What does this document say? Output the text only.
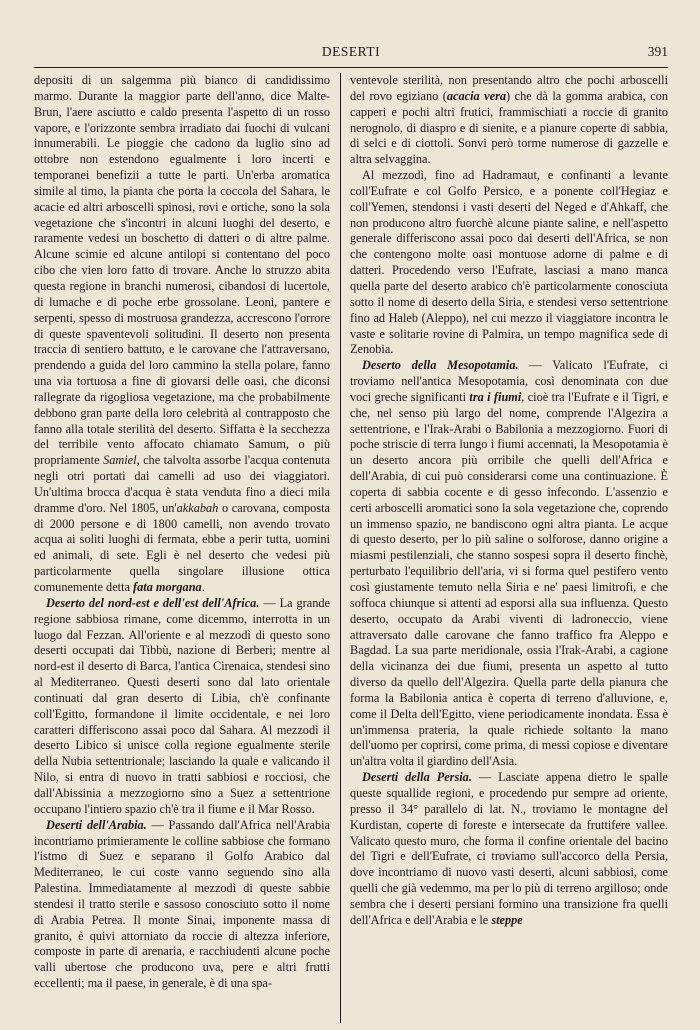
DESERTI	391

depositi di un salgemma più bianco di candidissimo marmo. Durante la maggior parte dell'anno, dice Malte-Brun, l'aere asciutto e caldo presenta l'aspetto di un rosso vapore, e l'orizzonte sembra irradiato dai fuochi di vulcani innumerabili. Le pioggie che cadono da luglio sino ad ottobre non estendono egualmente i loro incerti e temporanei benefizii a tutte le parti. Un'erba aromatica simile al timo, la pianta che porta la coccola del Sahara, le acacie ed altri arboscelli spinosi, rovi e ortiche, sono la sola vegetazione che s'incontri in alcuni luoghi del deserto, e raramente vedesi un boschetto di datteri o di altre palme. Alcune scimie ed alcune antilopi si contentano del poco cibo che vien loro fatto di trovare. Anche lo struzzo abita questa regione in branchi numerosi, cibandosi di lucertole, di lumache e di poche erbe grossolane. Leoni, pantere e serpenti, spesso di mostruosa grandezza, accrescono l'orrore di queste spaventevoli solitudini. Il deserto non presenta traccia di sentiero battuto, e le carovane che l'attraversano, prendendo a guida del loro cammino la stella polare, fanno una via tortuosa a fine di giovarsi delle oasi, che diconsi rallegrate da rigogliosa vegetazione, ma che probabilmente debbono gran parte della loro celebrità al contrapposto che fanno alla totale sterilità del deserto. Siffatta è la secchezza del terribile vento affocato chiamato Samum, o più propriamente Samiel, che talvolta assorbe l'acqua contenuta negli otri portati dai camelli ad uso dei viaggiatori. Un'ultima brocca d'acqua è stata venduta fino a dieci mila dramme d'oro. Nel 1805, un'akkabah o carovana, composta di 2000 persone e di 1800 camelli, non avendo trovato acqua ai soliti luoghi di fermata, ebbe a perir tutta, uomini ed animali, di sete. Egli è nel deserto che vedesi più particolarmente quella singolare illusione ottica comunemente detta fata morgana.

Deserto del nord-est e dell'est dell'Africa. — La grande regione sabbiosa rimane, come dicemmo, interrotta in un luogo dal Fezzan. All'oriente e al mezzodì di questo sono deserti occupati dai Tibbù, nazione di Berberi; mentre al nord-est il deserto di Barca, l'antica Cirenaica, stendesi sino al Mediterraneo. Questi deserti sono dal lato orientale continuati dal gran deserto di Libia, ch'è confinante coll'Egitto, formandone il limite occidentale, e nei loro caratteri differiscono assai poco dal Sahara. Al mezzodì il deserto Libico si unisce colla regione egualmente sterile della Nubia settentrionale; lasciando la quale e valicando il Nilo, si entra di nuovo in tratti sabbiosi e rocciosi, che dall'Abissinia a mezzogiorno sino a Suez a settentrione occupano l'intiero spazio ch'è tra il fiume e il Mar Rosso.

Deserti dell'Arabia. — Passando dall'Africa nell'Arabia incontriamo primieramente le colline sabbiose che formano l'istmo di Suez e separano il Golfo Arabico dal Mediterraneo, le cui coste vanno seguendo sino alla Palestina. Immediatamente al mezzodì di queste sabbie stendesi il tratto sterile e sassoso conosciuto sotto il nome di Arabia Petrea. Il monte Sinai, imponente massa di granito, è quivi attorniato da roccie di altezza inferiore, composte in parte di arenaria, e racchiudenti alcune poche valli ubertose che producono uva, pere e altri frutti eccellenti; ma il paese, in generale, è di una spa-

ventevole sterilità, non presentando altro che pochi arboscelli del rovo egiziano (acacia vera) che dà la gomma arabica, con capperi e pochi altri frutici, frammischiati a roccie di granito nerognolo, di diaspro e di sienite, e a pianure coperte di sabbia, di selci e di ciottoli. Sonvi però torme numerose di gazzelle e altra selvaggina.

Al mezzodì, fino ad Hadramaut, e confinanti a levante coll'Eufrate e col Golfo Persico, e a ponente coll'Hegiaz e coll'Yemen, stendonsi i vasti deserti del Neged e d'Ahkaff, che non producono altro fuorchè alcune piante saline, e nell'aspetto generale differiscono assai poco dai deserti dell'Africa, se non che contengono molte oasi montuose adorne di palme e di datteri. Procedendo verso l'Eufrate, lasciasi a mano manca quella parte del deserto arabico ch'è particolarmente conosciuta sotto il nome di deserto della Siria, e stendesi verso settentrione fino ad Haleb (Aleppo), nel cui mezzo il viaggiatore incontra le vaste e solitarie rovine di Palmira, un tempo magnifica sede di Zenobia.

Deserto della Mesopotamia. — Valicato l'Eufrate, ci troviamo nell'antica Mesopotamia, così denominata con due voci greche significanti tra i fiumi, cioè tra l'Eufrate e il Tigri, e che, nel senso più largo del nome, comprende l'Algezira a settentrione, e l'Irak-Arabi o Babilonia a mezzogiorno. Fuori di poche striscie di terra lungo i fiumi accennati, la Mesopotamia è un deserto ancora più orribile che quelli dell'Africa e dell'Arabia, di cui può considerarsi come una continuazione. È coperta di sabbia cocente e di gesso infecondo. L'assenzio e certi arboscelli aromatici sono la sola vegetazione che, coprendo un immenso spazio, ne bandiscono ogni altra pianta. Le acque di questo deserto, per lo più saline o solforose, danno origine a miasmi pestilenziali, che stanno sospesi sopra il deserto finchè, perturbato l'equilibrio dell'aria, vi si forma quel pestifero vento così giustamente temuto nella Siria e ne' paesi limitrofi, e che soffoca chiunque si attenti ad esporsi alla sua influenza. Questo deserto, occupato da Arabi viventi di ladroneccio, viene attraversato dalle carovane che fanno traffico fra Aleppo e Bagdad. La sua parte meridionale, ossia l'Irak-Arabi, a cagione della vicinanza dei due fiumi, presenta un aspetto al tutto diverso da quello dell'Algezira. Quella parte della pianura che forma la Babilonia antica è coperta di terreno d'alluvione, e, come il Delta dell'Egitto, viene periodicamente inondata. Essa è un'immensa prateria, la quale richiede soltanto la mano dell'uomo per coprirsi, come prima, di messi copiose e diventare un'altra volta il giardino dell'Asia.

Deserti della Persia. — Lasciate appena dietro le spalle queste squallide regioni, e procedendo pur sempre ad oriente, presso il 34° parallelo di lat. N., troviamo le montagne del Kurdistan, coperte di foreste e intersecate da fruttifere vallee. Valicato questo muro, che forma il confine orientale del bacino del Tigri e dell'Eufrate, ci troviamo sull'accorco della Persia, dove incontriamo di nuovo vasti deserti, alcuni sabbiosi, come quelli che già vedemmo, ma per lo più di terreno argilloso; onde sembra che i deserti persiani formino una transizione fra quelli dell'Africa e dell'Arabia e le steppe
